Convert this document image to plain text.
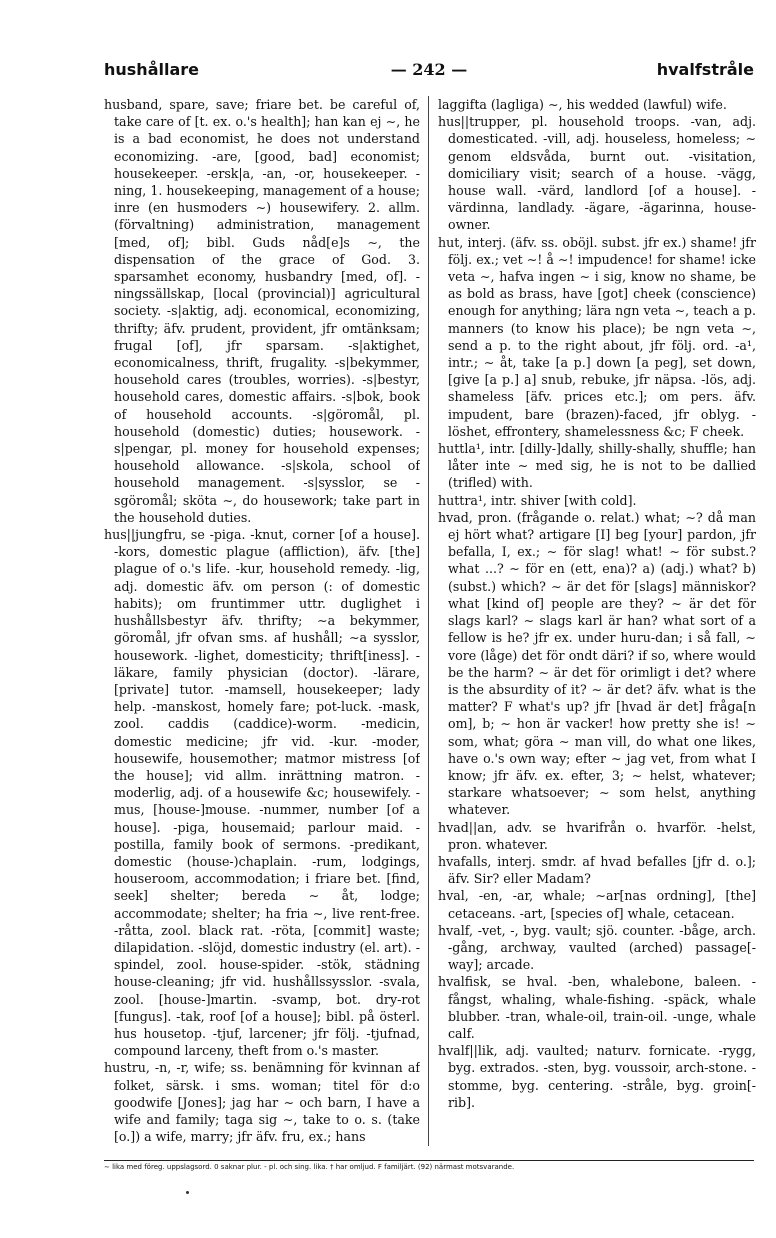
hushållare	— 242 —	hvalfstråle

husband, spare, save; friare bet. be careful of, take care of [t. ex. o.'s health]; han kan ej ∼, he is a bad economist, he does not understand economizing. -are, [good, bad] economist; housekeeper. -ersk|a, -an, -or, housekeeper. -ning, 1. housekeeping, management of a house; inre (en husmoders ∼) housewifery. 2. allm. (förvaltning) administration, management [med, of]; bibl. Guds nåd[e]s ∼, the dispensation of the grace of God. 3. sparsamhet economy, husbandry [med, of]. -ningssällskap, [local (provincial)] agricultural society. -s|aktig, adj. economical, economizing, thrifty; äfv. prudent, provident, jfr omtänksam; frugal [of], jfr sparsam. -s|aktighet, economicalness, thrift, frugality. -s|bekymmer, household cares (troubles, worries). -s|bestyr, household cares, domestic affairs. -s|bok, book of household accounts. -s|göromål, pl. household (domestic) duties; housework. -s|pengar, pl. money for household expenses; household allowance. -s|skola, school of household management. -s|sysslor, se -sgöromål; sköta ∼, do housework; take part in the household duties.

hus||jungfru, se -piga. -knut, corner [of a house]. -kors, domestic plague (affliction), äfv. [the] plague of o.'s life. -kur, household remedy. -lig, adj. domestic äfv. om person (: of domestic habits); om fruntimmer uttr. duglighet i hushållsbestyr äfv. thrifty; ∼a bekymmer, göromål, jfr ofvan sms. af hushåll; ∼a sysslor, housework. -lighet, domesticity; thrift[iness]. -läkare, family physician (doctor). -lärare, [private] tutor. -mamsell, housekeeper; lady help. -manskost, homely fare; pot-luck. -mask, zool. caddis (caddice)-worm. -medicin, domestic medicine; jfr vid. -kur. -moder, housewife, housemother; matmor mistress [of the house]; vid allm. inrättning matron. -moderlig, adj. of a housewife &c; housewifely. -mus, [house-]mouse. -nummer, number [of a house]. -piga, housemaid; parlour maid. -postilla, family book of sermons. -predikant, domestic (house-)chaplain. -rum, lodgings, houseroom, accommodation; i friare bet. [find, seek] shelter; bereda ∼ åt, lodge; accommodate; shelter; ha fria ∼, live rent-free. -råtta, zool. black rat. -röta, [commit] waste; dilapidation. -slöjd, domestic industry (el. art). -spindel, zool. house-spider. -stök, städning house-cleaning; jfr vid. hushållssysslor. -svala, zool. [house-]martin. -svamp, bot. dry-rot [fungus]. -tak, roof [of a house]; bibl. på österl. hus housetop. -tjuf, larcener; jfr följ. -tjufnad, compound larceny, theft from o.'s master.

hustru, -n, -r, wife; ss. benämning för kvinnan af folket, särsk. i sms. woman; titel för d:o goodwife [Jones]; jag har ∼ och barn, I have a wife and family; taga sig ∼, take to o. s. (take [o.]) a wife, marry; jfr äfv. fru, ex.; hans

laggifta (lagliga) ∼, his wedded (lawful) wife.

hus||trupper, pl. household troops. -van, adj. domesticated. -vill, adj. houseless, homeless; ∼ genom eldsvåda, burnt out. -visitation, domiciliary visit; search of a house. -vägg, house wall. -värd, landlord [of a house]. -värdinna, landlady. -ägare, -ägarinna, house-owner.

hut, interj. (äfv. ss. oböjl. subst. jfr ex.) shame! jfr följ. ex.; vet ∼! å ∼! impudence! for shame! icke veta ∼, hafva ingen ∼ i sig, know no shame, be as bold as brass, have [got] cheek (conscience) enough for anything; lära ngn veta ∼, teach a p. manners (to know his place); be ngn veta ∼, send a p. to the right about, jfr följ. ord. -a¹, intr.; ∼ åt, take [a p.] down [a peg], set down, [give [a p.] a] snub, rebuke, jfr näpsa. -lös, adj. shameless [äfv. prices etc.]; om pers. äfv. impudent, bare (brazen)-faced, jfr oblyg. -löshet, effrontery, shamelessness &c; F cheek.

huttla¹, intr. [dilly-]dally, shilly-shally, shuffle; han låter inte ∼ med sig, he is not to be dallied (trifled) with.

huttra¹, intr. shiver [with cold].

hvad, pron. (frågande o. relat.) what; ∼? då man ej hört what? artigare [I] beg [your] pardon, jfr befalla, I, ex.; ∼ för slag! what! ∼ för subst.? what ...? ∼ för en (ett, ena)? a) (adj.) what? b) (subst.) which? ∼ är det för [slags] människor? what [kind of] people are they? ∼ är det för slags karl? ∼ slags karl är han? what sort of a fellow is he? jfr ex. under huru-dan; i så fall, ∼ vore (låge) det för ondt däri? if so, where would be the harm? ∼ är det för orimligt i det? where is the absurdity of it? ∼ är det? äfv. what is the matter? F what's up? jfr [hvad är det] fråga[n om], b; ∼ hon är vacker! how pretty she is! ∼ som, what; göra ∼ man vill, do what one likes, have o.'s own way; efter ∼ jag vet, from what I know; jfr äfv. ex. efter, 3; ∼ helst, whatever; starkare whatsoever; ∼ som helst, anything whatever.

hvad||an, adv. se hvarifrån o. hvarför. -helst, pron. whatever.

hvafalls, interj. smdr. af hvad befalles [jfr d. o.]; äfv. Sir? eller Madam?

hval, -en, -ar, whale; ∼ar[nas ordning], [the] cetaceans. -art, [species of] whale, cetacean.

hvalf, -vet, -, byg. vault; sjö. counter. -båge, arch. -gång, archway, vaulted (arched) passage[-way]; arcade.

hvalfisk, se hval. -ben, whalebone, baleen. -fångst, whaling, whale-fishing. -späck, whale blubber. -tran, whale-oil, train-oil. -unge, whale calf.

hvalf||lik, adj. vaulted; naturv. fornicate. -rygg, byg. extrados. -sten, byg. voussoir, arch-stone. -stomme, byg. centering. -stråle, byg. groin[-rib].

∼ lika med föreg. uppslagsord. 0 saknar plur. - pl. och sing. lika. † har omljud. F familjärt. (92) närmast motsvarande.
